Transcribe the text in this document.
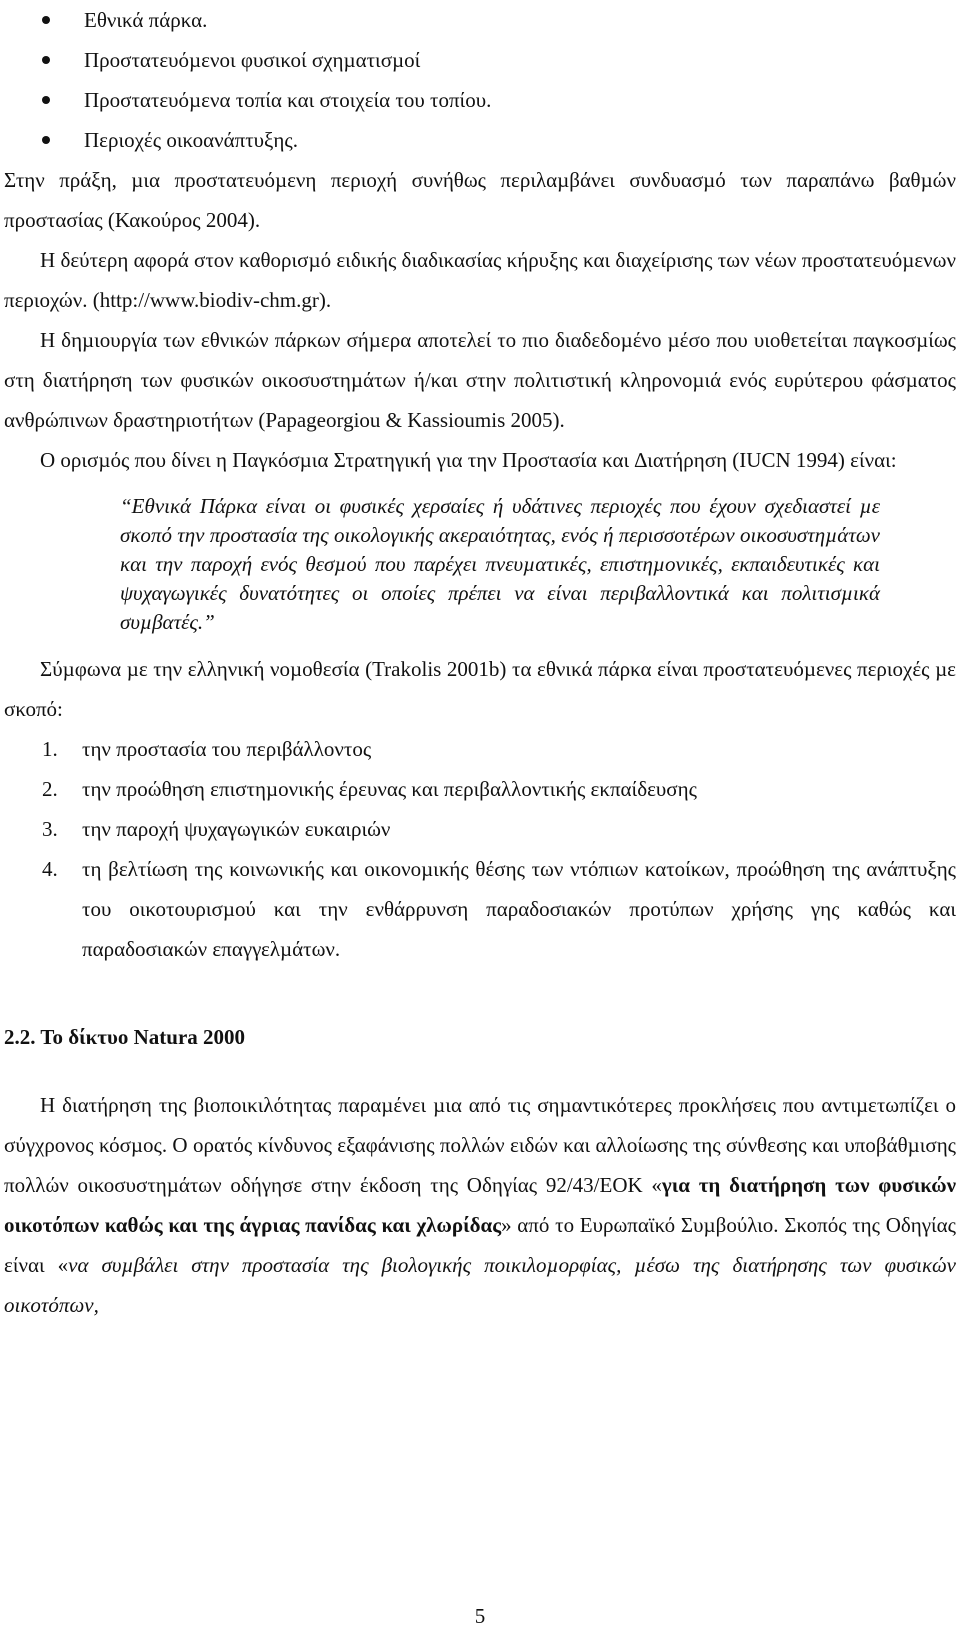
Εθνικά πάρκα.
Προστατευόµενοι φυσικοί σχηµατισµοί
Προστατευόµενα τοπία και στοιχεία του τοπίου.
Περιοχές οικοανάπτυξης.

Στην πράξη, µια προστατευόµενη περιοχή συνήθως περιλαµβάνει συνδυασµό των παραπάνω βαθµών προστασίας (Κακούρος 2004).

Η δεύτερη αφορά στον καθορισµό ειδικής διαδικασίας κήρυξης και διαχείρισης των νέων προστατευόµενων περιοχών. (http://www.biodiv-chm.gr).

Η δηµιουργία των εθνικών πάρκων σήµερα αποτελεί το πιο διαδεδοµένο µέσο που υιοθετείται παγκοσµίως στη διατήρηση των φυσικών οικοσυστηµάτων ή/και στην πολιτιστική κληρονοµιά ενός ευρύτερου φάσµατος ανθρώπινων δραστηριοτήτων (Papageorgiou & Kassioumis 2005).

Ο ορισµός που δίνει η Παγκόσµια Στρατηγική για την Προστασία και ∆ιατήρηση (IUCN 1994) είναι:

“Εθνικά Πάρκα είναι οι φυσικές χερσαίες ή υδάτινες περιοχές που έχουν σχεδιαστεί µε σκοπό την προστασία της οικολογικής ακεραιότητας, ενός ή περισσοτέρων οικοσυστηµάτων και την παροχή ενός θεσµού που παρέχει πνευµατικές, επιστηµονικές, εκπαιδευτικές και ψυχαγωγικές δυνατότητες οι οποίες πρέπει να είναι περιβαλλοντικά και πολιτισµικά συµβατές.”

Σύµφωνα µε την ελληνική νοµοθεσία (Trakolis 2001b) τα εθνικά πάρκα είναι προστατευόµενες περιοχές µε σκοπό:

1. την προστασία του περιβάλλοντος
2. την προώθηση επιστηµονικής έρευνας και περιβαλλοντικής εκπαίδευσης
3. την παροχή ψυχαγωγικών ευκαιριών
4. τη βελτίωση της κοινωνικής και οικονοµικής θέσης των ντόπιων κατοίκων, προώθηση της ανάπτυξης του οικοτουρισµού και την ενθάρρυνση παραδοσιακών προτύπων χρήσης γης καθώς και παραδοσιακών επαγγελµάτων.
2.2. Το δίκτυο Natura 2000

Η διατήρηση της βιοποικιλότητας παραµένει µια από τις σηµαντικότερες προκλήσεις που αντιµετωπίζει ο σύγχρονος κόσµος. Ο ορατός κίνδυνος εξαφάνισης πολλών ειδών και αλλοίωσης της σύνθεσης και υποβάθµισης πολλών οικοσυστηµάτων οδήγησε στην έκδοση της Οδηγίας 92/43/ΕΟΚ «για τη διατήρηση των φυσικών οικοτόπων καθώς και της άγριας πανίδας και χλωρίδας» από το Ευρωπαϊκό Συµβούλιο. Σκοπός της Οδηγίας είναι «να συµβάλει στην προστασία της βιολογικής ποικιλοµορφίας, µέσω της διατήρησης των φυσικών οικοτόπων,

5
